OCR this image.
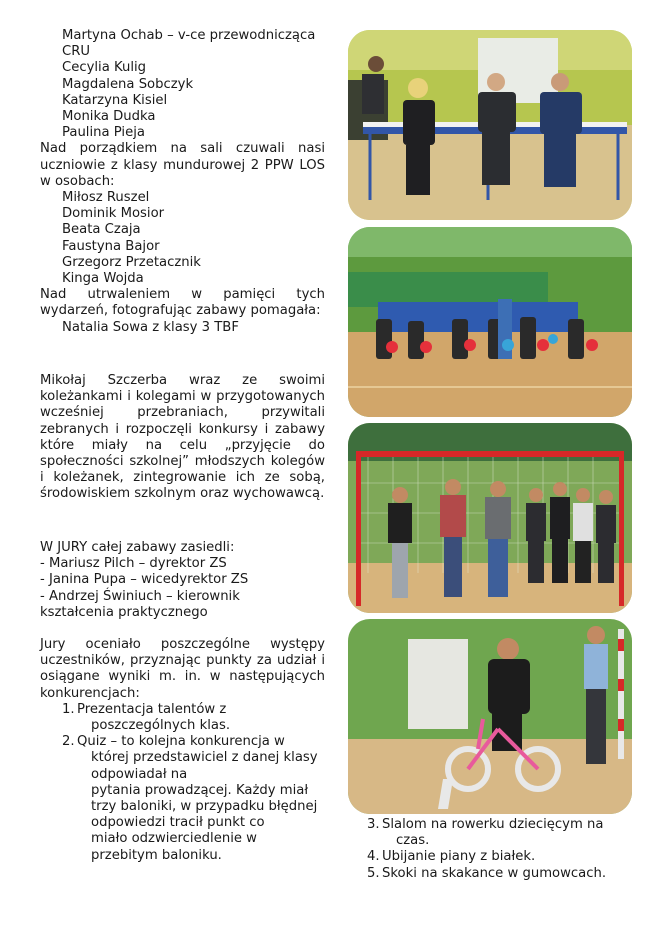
Martyna Ochab – v-ce przewodnicząca
CRU
Cecylia Kulig
Magdalena Sobczyk
Katarzyna Kisiel
Monika Dudka
Paulina Pieja
Nad porządkiem na sali czuwali nasi uczniowie z klasy mundurowej 2 PPW LOS w osobach:
Miłosz Ruszel
Dominik Mosior
Beata Czaja
Faustyna Bajor
Grzegorz Przetacznik
Kinga Wojda
Nad utrwaleniem w pamięci tych wydarzeń, fotografując zabawy pomagała:
Natalia Sowa z klasy 3 TBF
Mikołaj Szczerba wraz ze swoimi koleżankami i kolegami w przygotowanych wcześniej przebraniach, przywitali zebranych i rozpoczęli konkursy i zabawy które miały na celu „przyjęcie do społeczności szkolnej” młodszych kolegów i koleżanek, zintegrowanie ich ze sobą, środowiskiem szkolnym oraz wychowawcą.
W JURY całej zabawy zasiedli:
- Mariusz Pilch – dyrektor ZS
- Janina Pupa – wicedyrektor ZS
- Andrzej Świniuch – kierownik
kształcenia praktycznego
Jury oceniało poszczególne występy uczestników, przyznając punkty za udział i osiągane wyniki m. in. w następujących konkurencjach:
1. Prezentacja talentów z
poszczególnych klas.
2. Quiz – to kolejna konkurencja w
której przedstawiciel z danej klasy
odpowiadał na
pytania prowadzącej. Każdy miał
trzy baloniki, w przypadku błędnej
odpowiedzi tracił punkt co
miało odzwierciedlenie w
przebitym baloniku.
3. Slalom na rowerku dziecięcym na
czas.
4. Ubijanie piany z białek.
5. Skoki na skakance w gumowcach.
